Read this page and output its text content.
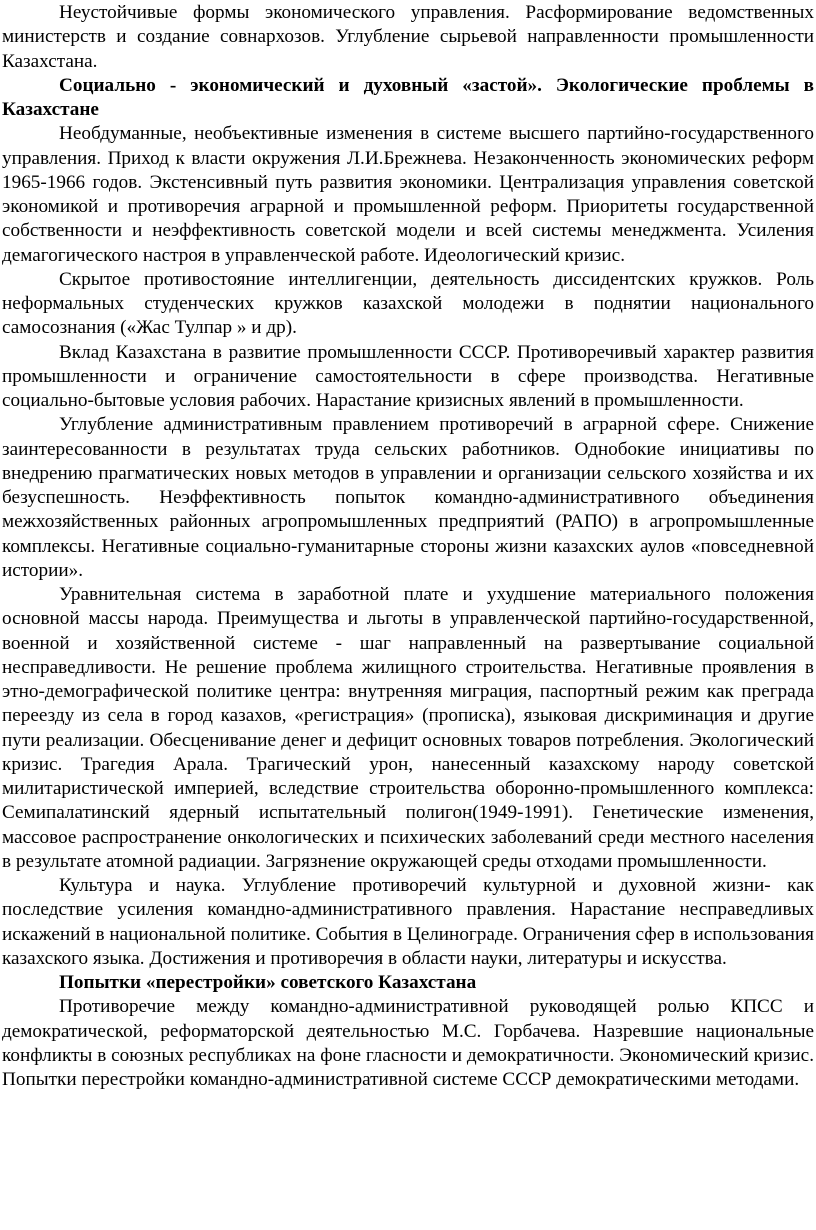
Неустойчивые формы экономического управления. Расформирование ведомственных министерств и создание совнархозов. Углубление сырьевой направленности промышленности Казахстана.

Социально - экономический и духовный «застой». Экологические проблемы в Казахстане

Необдуманные, необъективные изменения в системе высшего партийно-государственного управления. Приход к власти окружения Л.И.Брежнева. Незаконченность экономических реформ 1965-1966 годов. Экстенсивный путь развития экономики. Централизация управления советской экономикой и противоречия аграрной и промышленной реформ. Приоритеты государственной собственности и неэффективность советской модели и всей системы менеджмента. Усиления демагогического настроя в управленческой работе. Идеологический кризис.

Скрытое противостояние интеллигенции, деятельность диссидентских кружков. Роль неформальных студенческих кружков казахской молодежи в поднятии национального самосознания («Жас Тулпар » и др).

Вклад Казахстана в развитие промышленности СССР. Противоречивый характер развития промышленности и ограничение самостоятельности в сфере производства. Негативные социально-бытовые условия рабочих. Нарастание кризисных явлений в промышленности.

Углубление административным правлением противоречий в аграрной сфере. Снижение заинтересованности в результатах труда сельских работников. Однобокие инициативы по внедрению прагматических новых методов в управлении и организации сельского хозяйства и их безуспешность. Неэффективность попыток командно-административного объединения межхозяйственных районных агропромышленных предприятий (РАПО) в агропромышленные комплексы. Негативные социально-гуманитарные стороны жизни казахских аулов «повседневной истории».

Уравнительная система в заработной плате и ухудшение материального положения основной массы народа. Преимущества и льготы в управленческой партийно-государственной, военной и хозяйственной системе - шаг направленный на развертывание социальной несправедливости. Не решение проблема жилищного строительства. Негативные проявления в этно-демографической политике центра: внутренняя миграция, паспортный режим как преграда переезду из села в город казахов, «регистрация» (прописка), языковая дискриминация и другие пути реализации. Обесценивание денег и дефицит основных товаров потребления. Экологический кризис. Трагедия Арала. Трагический урон, нанесенный казахскому народу советской милитаристической империей, вследствие строительства оборонно-промышленного комплекса: Семипалатинский ядерный испытательный полигон(1949-1991). Генетические изменения, массовое распространение онкологических и психических заболеваний среди местного населения в результате атомной радиации. Загрязнение окружающей среды отходами промышленности.

Культура и наука. Углубление противоречий культурной и духовной жизни- как последствие усиления командно-административного правления. Нарастание несправедливых искажений в национальной политике. События в Целинограде. Ограничения сфер в использования казахского языка. Достижения и противоречия в области науки, литературы и искусства.

Попытки «перестройки» советского Казахстана

Противоречие между командно-административной руководящей ролью КПСС и демократической, реформаторской деятельностью М.С. Горбачева. Назревшие национальные конфликты в союзных республиках на фоне гласности и демократичности. Экономический кризис. Попытки перестройки командно-административной системе СССР демократическими методами.
